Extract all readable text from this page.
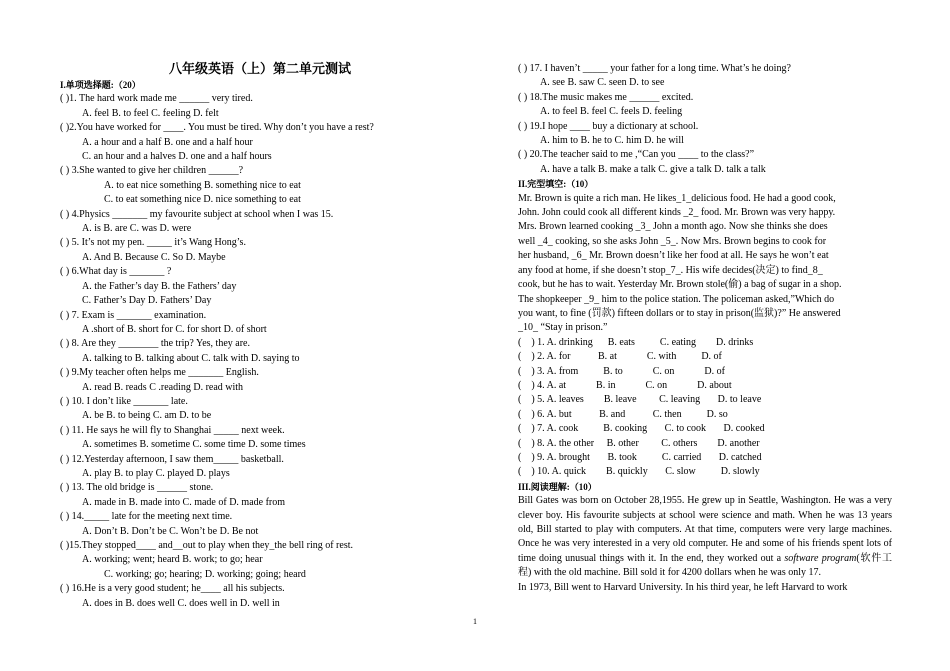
八年级英语（上）第二单元测试
I.单项选择题:（20）
( )1. The hard work made me ______ very tired.
A. feel B. to feel C. feeling D. felt
( )2.You have worked for ____. You must be tired. Why don’t you have a rest?
A. a hour and a half B. one and a half hour
C. an hour and a halves D. one and a half hours
( ) 3.She wanted to give her children ______?
A. to eat nice something B. something nice to eat
C. to eat something nice D. nice something to eat
( ) 4.Physics _______ my favourite subject at school when I was 15.
A. is B. are C. was D. were
( ) 5. It’s not my pen. _____ it’s Wang Hong’s.
A. And B. Because C. So D. Maybe
( ) 6.What day is _______ ?
A. the Father’s day B. the Fathers’ day
C. Father’s Day D. Fathers’ Day
( ) 7. Exam is _______ examination.
A .short of B. short for C. for short D. of short
( ) 8. Are they ________ the trip? Yes, they are.
A. talking to B. talking about C. talk with D. saying to
( ) 9.My teacher often helps me _______ English.
A. read B. reads C .reading D. read with
( ) 10. I don’t like _______ late.
A. be B. to being C. am D. to be
( ) 11. He says he will fly to Shanghai _____ next week.
A. sometimes B. sometime C. some time D. some times
( ) 12.Yesterday afternoon, I saw them_____ basketball.
A. play B. to play C. played D. plays
( ) 13. The old bridge is ______ stone.
A. made in B. made into C. made of D. made from
( ) 14._____ late for the meeting next time.
A. Don’t B. Don’t be C. Won’t be D. Be not
( )15.They stopped____ and__out to play when they_the bell ring of rest.
A. working; went; heard B. work; to go; hear
C. working; go; hearing; D. working; going; heard
( ) 16.He is a very good student; he____ all his subjects.
A. does in B. does well C. does well in D. well in
( ) 17. I haven’t _____ your father for a long time. What’s he doing?
A. see B. saw C. seen D. to see
( ) 18.The music makes me ______ excited.
A. to feel B. feel C. feels D. feeling
( ) 19.I hope ____ buy a dictionary at school.
A. him to B. he to C. him D. he will
( ) 20.The teacher said to me ,“Can you ____ to the class?”
A. have a talk B. make a talk C. give a talk D. talk a talk
II.完型填空:（10）
Mr. Brown is quite a rich man. He likes_1_delicious food. He had a good cook,
John. John could cook all different kinds _2_ food. Mr. Brown was very happy.
Mrs. Brown learned cooking _3_ John a month ago. Now she thinks she does
well _4_ cooking, so she asks John _5_. Now Mrs. Brown begins to cook for
her husband, _6_ Mr. Brown doesn’t like her food at all. He says he won’t eat
any food at home, if she doesn’t stop_7_. His wife decides(决定) to find_8_
cook, but he has to wait. Yesterday Mr. Brown stole(偷) a bag of sugar in a shop.
The shopkeeper _9_ him to the police station. The policeman asked,”Which do
you want, to fine (罚款) fifteen dollars or to stay in prison(监狱)?” He answered
_10_ “Stay in prison.”
(    ) 1. A. drinking      B. eats          C. eating        D. drinks
(    ) 2. A. for           B. at            C. with          D. of
(    ) 3. A. from          B. to            C. on            D. of
(    ) 4. A. at            B. in            C. on            D. about
(    ) 5. A. leaves        B. leave         C. leaving       D. to leave
(    ) 6. A. but           B. and           C. then          D. so
(    ) 7. A. cook          B. cooking       C. to cook       D. cooked
(    ) 8. A. the other     B. other         C. others        D. another
(    ) 9. A. brought       B. took          C. carried       D. catched
(    ) 10. A. quick        B. quickly       C. slow          D. slowly
III.阅读理解:（10）
Bill Gates was born on October 28,1955. He grew up in Seattle, Washington. He was a very clever boy. His favourite subjects at school were science and math. When he was 13 years old, Bill started to play with computers. At that time, computers were very large machines. Once he was very interested in a very old computer. He and some of his friends spent lots of time doing unusual things with it. In the end, they worked out a software program(软件工程) with the old machine. Bill sold it for 4200 dollars when he was only 17.
In 1973, Bill went to Harvard University. In his third year, he left Harvard to work
1
